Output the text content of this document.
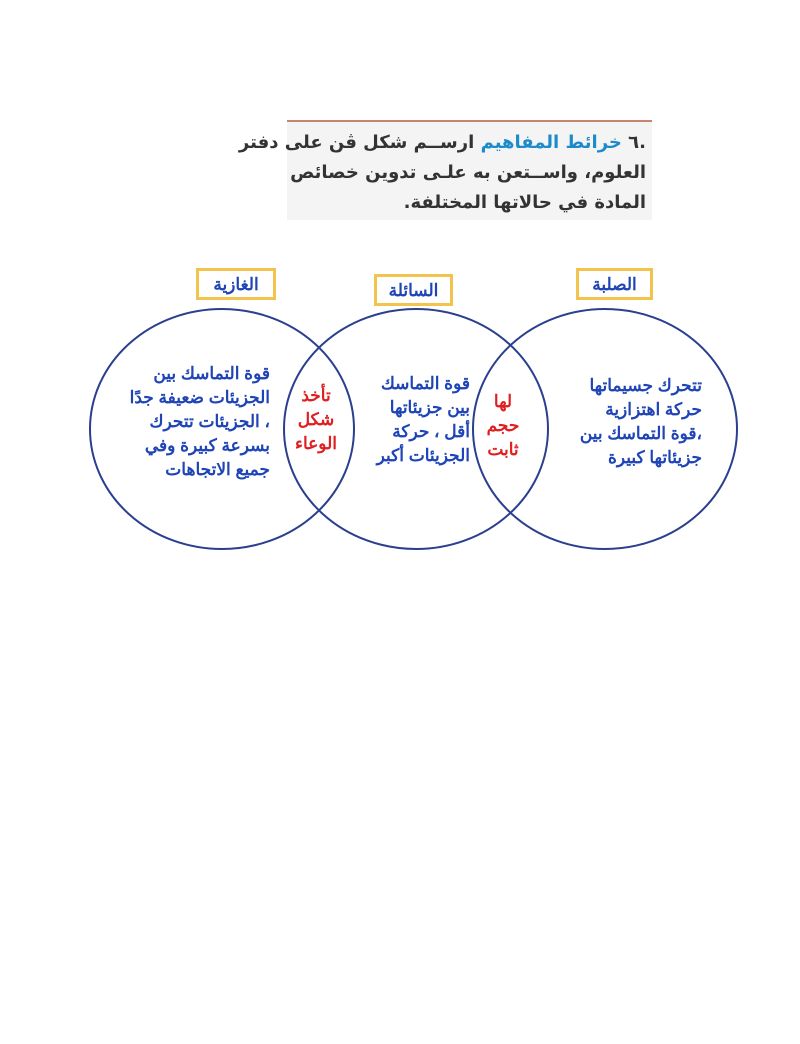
.٦ خرائط المفاهيم ارســم شكل ڤن على دفتر
العلوم، واســتعن به علـى تدوين خصائص
المادة في حالاتها المختلفة.
الغازية	السائلة	الصلبة
قوة التماسك بين
الجزيئات ضعيفة جدًا
، الجزيئات تتحرك
بسرعة كبيرة وفي
جميع الاتجاهات
تأخذ
شكل
الوعاء
قوة التماسك
بين جزيئاتها
أقل ، حركة
الجزيئات أكبر
لها
حجم
ثابت
تتحرك جسيماتها
حركة اهتزازية
،قوة التماسك بين
جزيئاتها كبيرة
